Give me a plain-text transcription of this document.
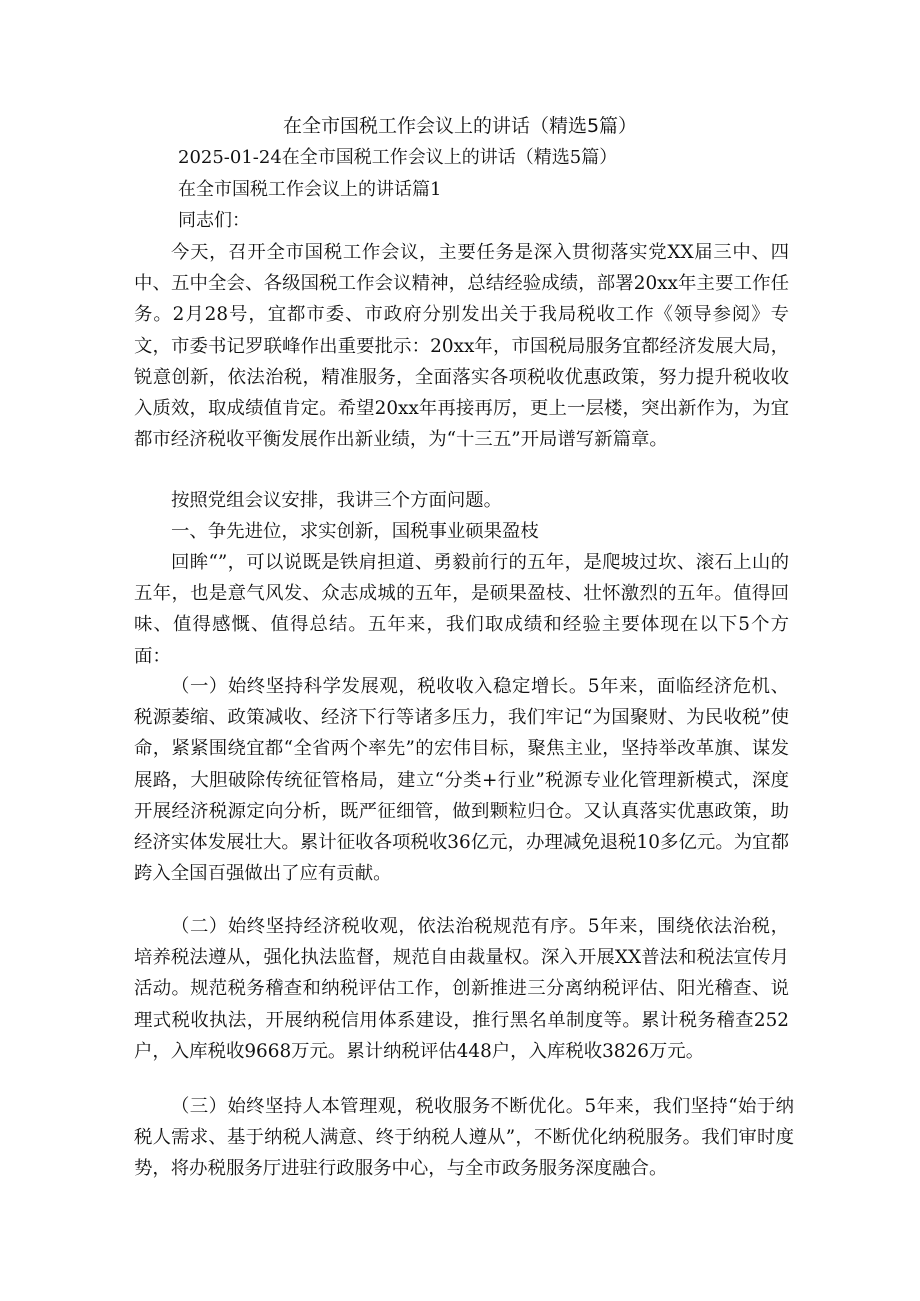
在全市国税工作会议上的讲话（精选5篇）
2025-01-24在全市国税工作会议上的讲话（精选5篇）
在全市国税工作会议上的讲话篇1
同志们：

今天，召开全市国税工作会议，主要任务是深入贯彻落实党XX届三中、四中、五中全会、各级国税工作会议精神，总结经验成绩，部署20xx年主要工作任务。2月28号，宜都市委、市政府分别发出关于我局税收工作《领导参阅》专文，市委书记罗联峰作出重要批示：20xx年，市国税局服务宜都经济发展大局，锐意创新，依法治税，精准服务，全面落实各项税收优惠政策，努力提升税收收入质效，取成绩值肯定。希望20xx年再接再厉，更上一层楼，突出新作为，为宜都市经济税收平衡发展作出新业绩，为“十三五”开局谱写新篇章。

按照党组会议安排，我讲三个方面问题。

一、争先进位，求实创新，国税事业硕果盈枝

回眸“”，可以说既是铁肩担道、勇毅前行的五年，是爬坡过坎、滚石上山的五年，也是意气风发、众志成城的五年，是硕果盈枝、壮怀激烈的五年。值得回味、值得感慨、值得总结。五年来，我们取成绩和经验主要体现在以下5个方面：

（一）始终坚持科学发展观，税收收入稳定增长。5年来，面临经济危机、税源萎缩、政策减收、经济下行等诸多压力，我们牢记“为国聚财、为民收税”使命，紧紧围绕宜都“全省两个率先”的宏伟目标，聚焦主业，坚持举改革旗、谋发展路，大胆破除传统征管格局，建立“分类+行业”税源专业化管理新模式，深度开展经济税源定向分析，既严征细管，做到颗粒归仓。又认真落实优惠政策，助经济实体发展壮大。累计征收各项税收36亿元，办理减免退税10多亿元。为宜都跨入全国百强做出了应有贡献。

（二）始终坚持经济税收观，依法治税规范有序。5年来，围绕依法治税，培养税法遵从，强化执法监督，规范自由裁量权。深入开展XX普法和税法宣传月活动。规范税务稽查和纳税评估工作，创新推进三分离纳税评估、阳光稽查、说理式税收执法，开展纳税信用体系建设，推行黑名单制度等。累计税务稽查252户，入库税收9668万元。累计纳税评估448户，入库税收3826万元。

（三）始终坚持人本管理观，税收服务不断优化。5年来，我们坚持“始于纳税人需求、基于纳税人满意、终于纳税人遵从”，不断优化纳税服务。我们审时度势，将办税服务厅进驻行政服务中心，与全市政务服务深度融合。
